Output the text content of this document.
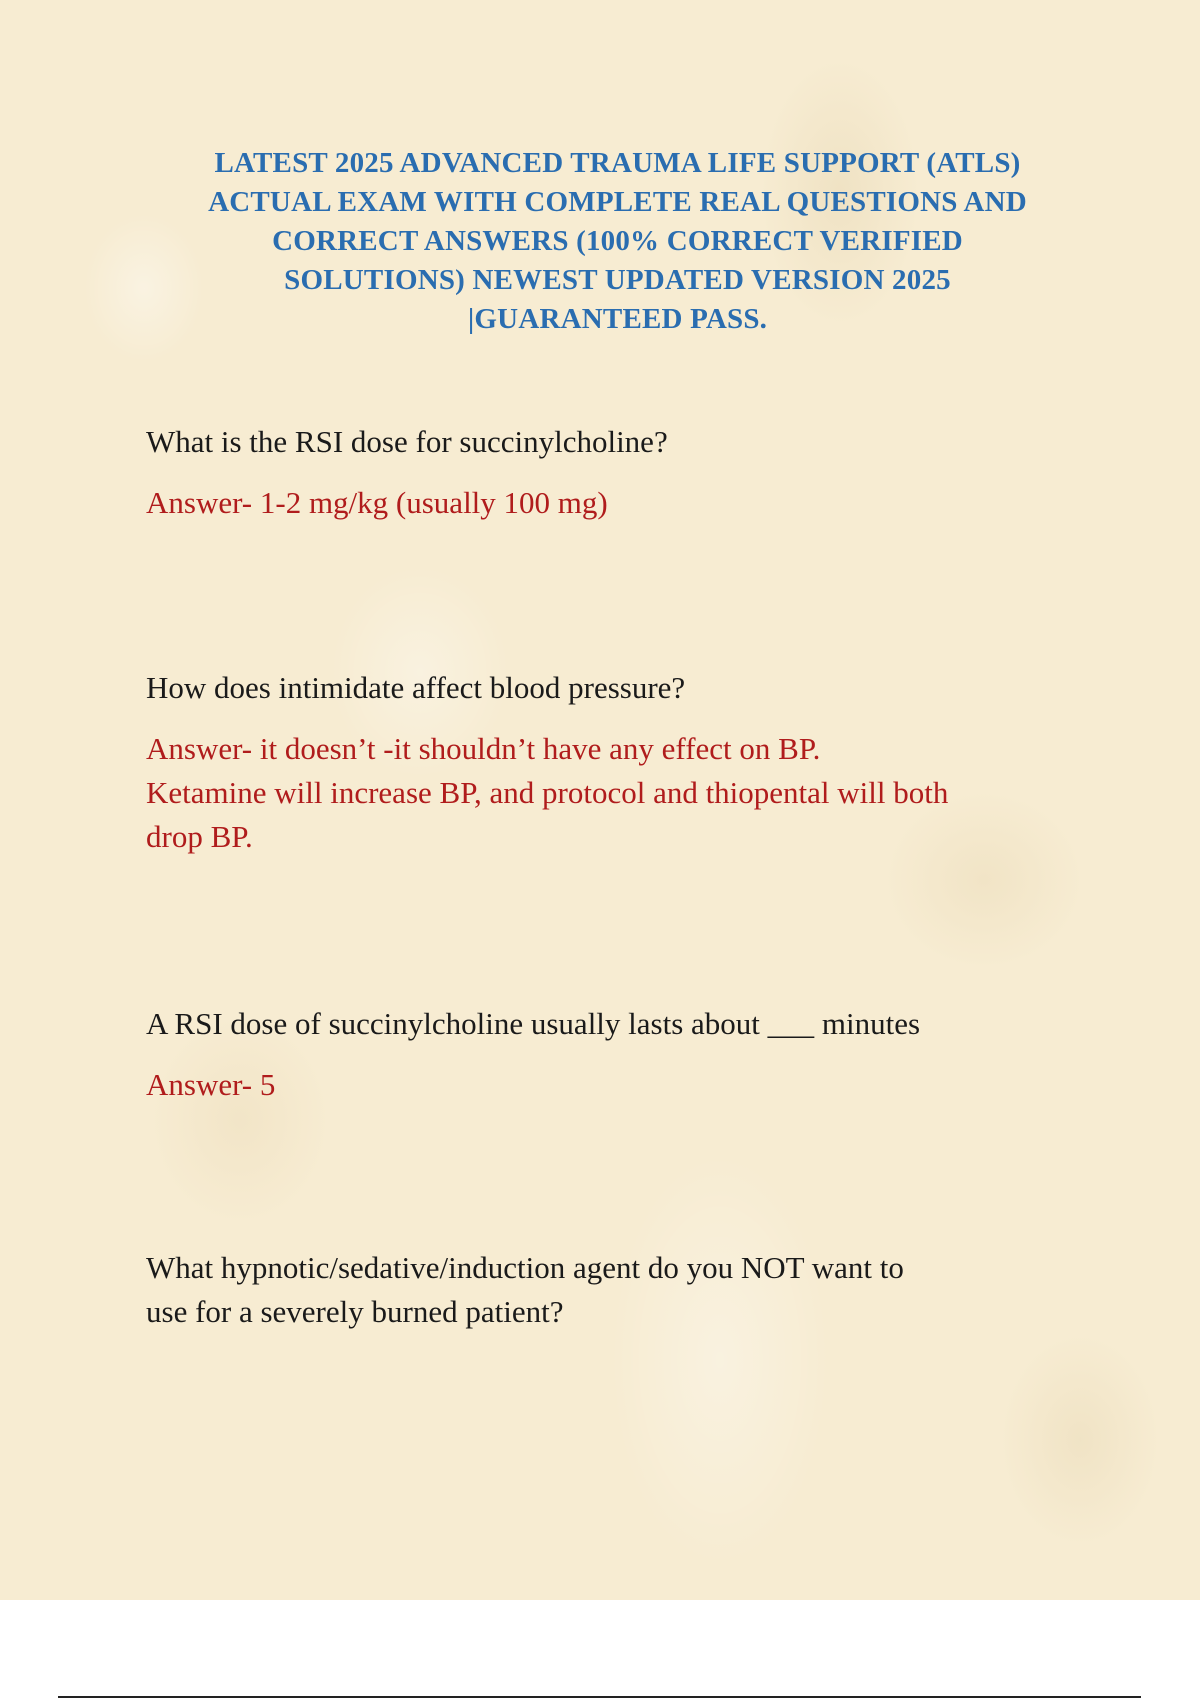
LATEST 2025 ADVANCED TRAUMA LIFE SUPPORT (ATLS)
ACTUAL EXAM WITH COMPLETE REAL QUESTIONS AND
CORRECT ANSWERS (100% CORRECT VERIFIED
SOLUTIONS) NEWEST UPDATED VERSION 2025
|GUARANTEED PASS.
What is the RSI dose for succinylcholine?
Answer- 1-2 mg/kg (usually 100 mg)
How does intimidate affect blood pressure?
Answer- it doesn’t -it shouldn’t have any effect on BP.
Ketamine will increase BP, and protocol and thiopental will both
drop BP.
A RSI dose of succinylcholine usually lasts about ___ minutes
Answer- 5
What hypnotic/sedative/induction agent do you NOT want to
use for a severely burned patient?
